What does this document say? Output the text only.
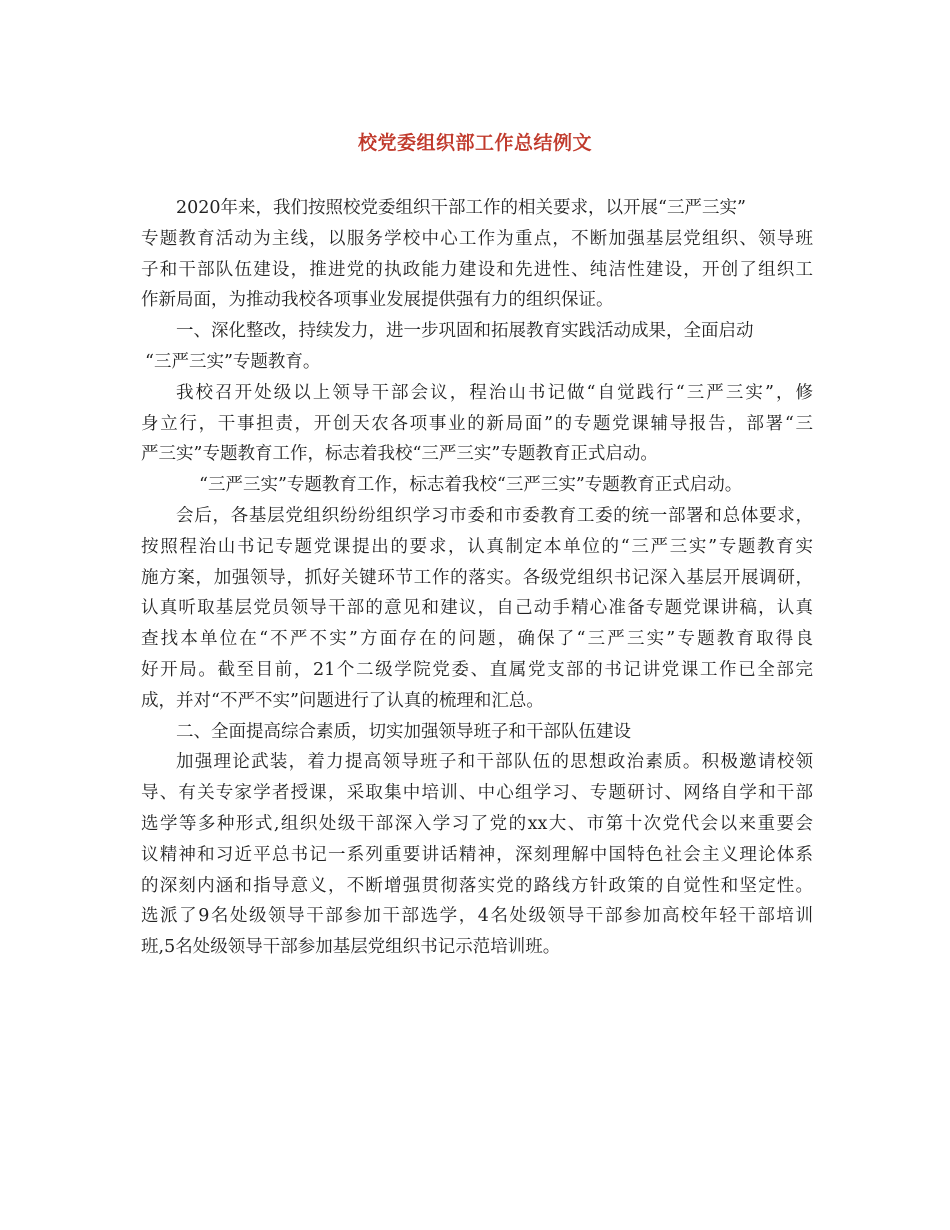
校党委组织部工作总结例文
2020年来，我们按照校党委组织干部工作的相关要求，以开展“三严三实”
专题教育活动为主线，以服务学校中心工作为重点，不断加强基层党组织、领导班
子和干部队伍建设，推进党的执政能力建设和先进性、纯洁性建设，开创了组织工
作新局面，为推动我校各项事业发展提供强有力的组织保证。
一、深化整改，持续发力，进一步巩固和拓展教育实践活动成果，全面启动
“三严三实”专题教育。
我校召开处级以上领导干部会议，程治山书记做“自觉践行“三严三实”，修
身立行，干事担责，开创天农各项事业的新局面”的专题党课辅导报告，部署“三
严三实”专题教育工作，标志着我校“三严三实”专题教育正式启动。
“三严三实”专题教育工作，标志着我校“三严三实”专题教育正式启动。
会后，各基层党组织纷纷组织学习市委和市委教育工委的统一部署和总体要求，
按照程治山书记专题党课提出的要求，认真制定本单位的“三严三实”专题教育实
施方案，加强领导，抓好关键环节工作的落实。各级党组织书记深入基层开展调研，
认真听取基层党员领导干部的意见和建议，自己动手精心准备专题党课讲稿，认真
查找本单位在“不严不实”方面存在的问题，确保了“三严三实”专题教育取得良
好开局。截至目前，21个二级学院党委、直属党支部的书记讲党课工作已全部完
成，并对“不严不实”问题进行了认真的梳理和汇总。
二、全面提高综合素质，切实加强领导班子和干部队伍建设
加强理论武装，着力提高领导班子和干部队伍的思想政治素质。积极邀请校领
导、有关专家学者授课，采取集中培训、中心组学习、专题研讨、网络自学和干部
选学等多种形式,组织处级干部深入学习了党的xx大、市第十次党代会以来重要会
议精神和习近平总书记一系列重要讲话精神，深刻理解中国特色社会主义理论体系
的深刻内涵和指导意义，不断增强贯彻落实党的路线方针政策的自觉性和坚定性。
选派了9名处级领导干部参加干部选学，4名处级领导干部参加高校年轻干部培训
班,5名处级领导干部参加基层党组织书记示范培训班。
